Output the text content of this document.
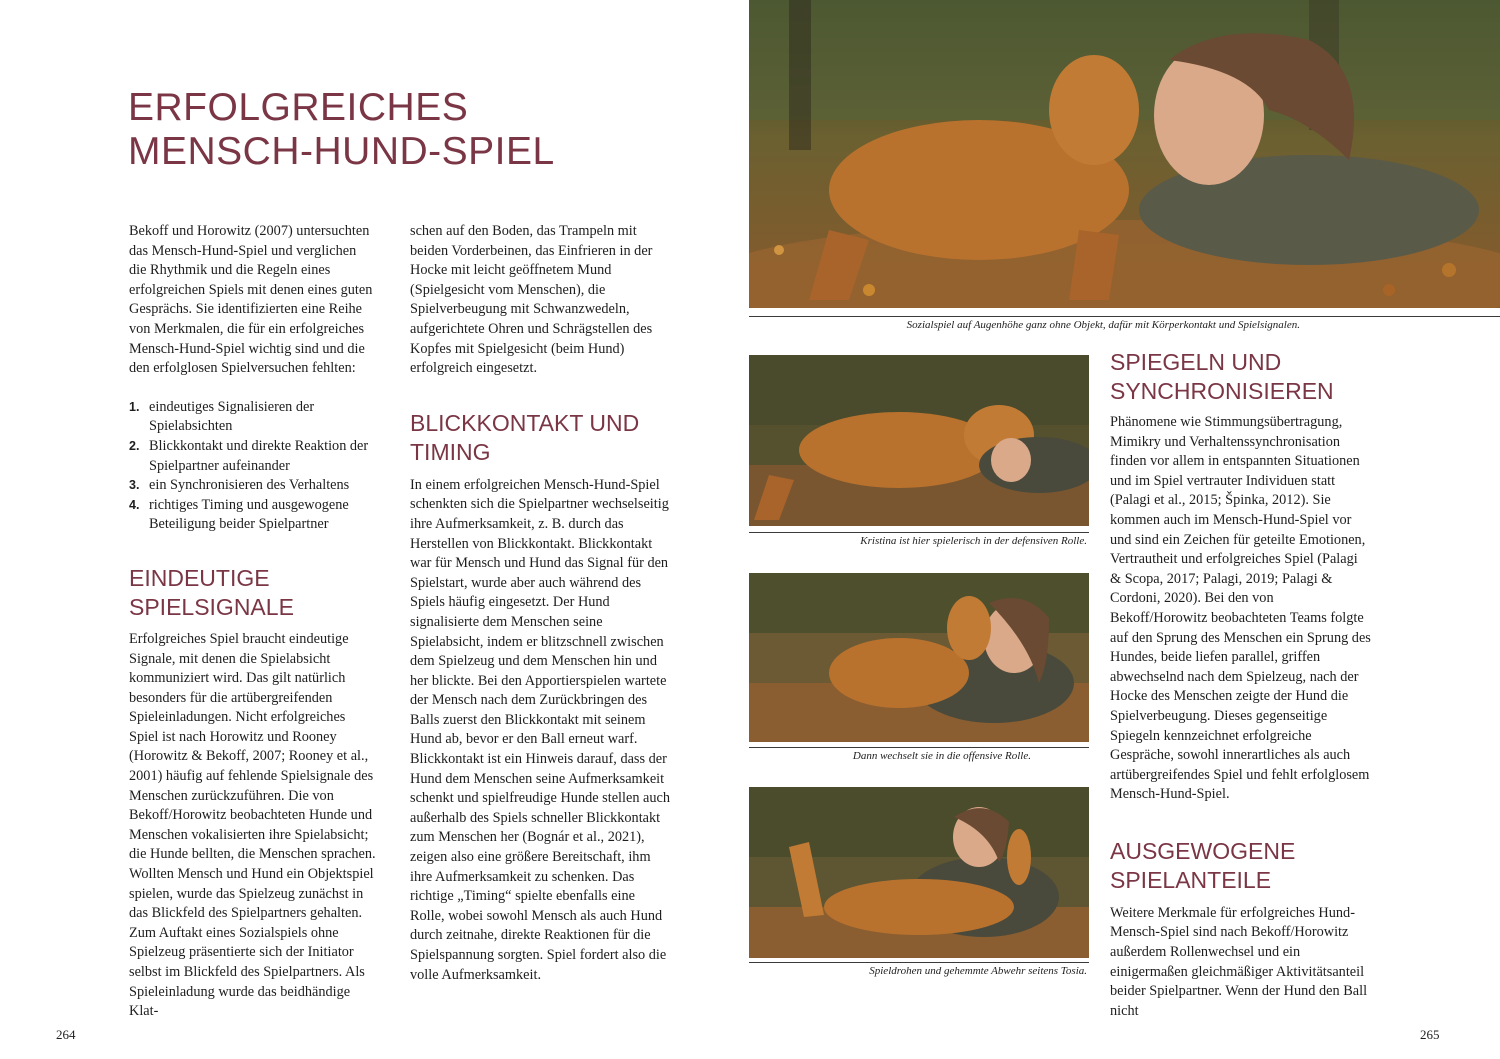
ERFOLGREICHES
MENSCH-HUND-SPIEL

Bekoff und Horowitz (2007) untersuchten das Mensch-Hund-Spiel und verglichen die Rhythmik und die Regeln eines erfolgreichen Spiels mit denen eines guten Gesprächs. Sie identifizierten eine Reihe von Merkmalen, die für ein erfolgreiches Mensch-Hund-Spiel wichtig sind und die den erfolglosen Spielversuchen fehlten:

1. eindeutiges Signalisieren der Spielabsichten
2. Blickkontakt und direkte Reaktion der Spielpartner aufeinander
3. ein Synchronisieren des Verhaltens
4. richtiges Timing und ausgewogene Beteiligung beider Spielpartner
EINDEUTIGE
SPIELSIGNALE

Erfolgreiches Spiel braucht eindeutige Signale, mit denen die Spielabsicht kommuniziert wird. Das gilt natürlich besonders für die artübergreifenden Spieleinladungen. Nicht erfolgreiches Spiel ist nach Horowitz und Rooney (Horowitz & Bekoff, 2007; Rooney et al., 2001) häufig auf fehlende Spielsignale des Menschen zurückzuführen. Die von Bekoff/Horowitz beobachteten Hunde und Menschen vokalisierten ihre Spielabsicht; die Hunde bellten, die Menschen sprachen. Wollten Mensch und Hund ein Objektspiel spielen, wurde das Spielzeug zunächst in das Blickfeld des Spielpartners gehalten. Zum Auftakt eines Sozialspiels ohne Spielzeug präsentierte sich der Initiator selbst im Blickfeld des Spielpartners. Als Spieleinladung wurde das beidhändige Klat-

schen auf den Boden, das Trampeln mit beiden Vorderbeinen, das Einfrieren in der Hocke mit leicht geöffnetem Mund (Spielgesicht vom Menschen), die Spielverbeugung mit Schwanzwedeln, aufgerichtete Ohren und Schrägstellen des Kopfes mit Spielgesicht (beim Hund) erfolgreich eingesetzt.

BLICKKONTAKT UND
TIMING

In einem erfolgreichen Mensch-Hund-Spiel schenkten sich die Spielpartner wechselseitig ihre Aufmerksamkeit, z. B. durch das Herstellen von Blickkontakt. Blickkontakt war für Mensch und Hund das Signal für den Spielstart, wurde aber auch während des Spiels häufig eingesetzt. Der Hund signalisierte dem Menschen seine Spielabsicht, indem er blitzschnell zwischen dem Spielzeug und dem Menschen hin und her blickte. Bei den Apportierspielen wartete der Mensch nach dem Zurückbringen des Balls zuerst den Blickkontakt mit seinem Hund ab, bevor er den Ball erneut warf. Blickkontakt ist ein Hinweis darauf, dass der Hund dem Menschen seine Aufmerksamkeit schenkt und spielfreudige Hunde stellen auch außerhalb des Spiels schneller Blickkontakt zum Menschen her (Bognár et al., 2021), zeigen also eine größere Bereitschaft, ihm ihre Aufmerksamkeit zu schenken. Das richtige „Timing“ spielte ebenfalls eine Rolle, wobei sowohl Mensch als auch Hund durch zeitnahe, direkte Reaktionen für die Spielspannung sorgten. Spiel fordert also die volle Aufmerksamkeit.

264

Sozialspiel auf Augenhöhe ganz ohne Objekt, dafür mit Körperkontakt und Spielsignalen.

Kristina ist hier spielerisch in der defensiven Rolle.

Dann wechselt sie in die offensive Rolle.

Spieldrohen und gehemmte Abwehr seitens Tosia.

SPIEGELN UND
SYNCHRONISIEREN

Phänomene wie Stimmungsübertragung, Mimikry und Verhaltenssynchronisation finden vor allem in entspannten Situationen und im Spiel vertrauter Individuen statt (Palagi et al., 2015; Špinka, 2012). Sie kommen auch im Mensch-Hund-Spiel vor und sind ein Zeichen für geteilte Emotionen, Vertrautheit und erfolgreiches Spiel (Palagi & Scopa, 2017; Palagi, 2019; Palagi & Cordoni, 2020). Bei den von Bekoff/Horowitz beobachteten Teams folgte auf den Sprung des Menschen ein Sprung des Hundes, beide liefen parallel, griffen abwechselnd nach dem Spielzeug, nach der Hocke des Menschen zeigte der Hund die Spielverbeugung. Dieses gegenseitige Spiegeln kennzeichnet erfolgreiche Gespräche, sowohl innerartliches als auch artübergreifendes Spiel und fehlt erfolglosem Mensch-Hund-Spiel.

AUSGEWOGENE
SPIELANTEILE

Weitere Merkmale für erfolgreiches Hund-Mensch-Spiel sind nach Bekoff/Horowitz außerdem Rollenwechsel und ein einigermaßen gleichmäßiger Aktivitätsanteil beider Spielpartner. Wenn der Hund den Ball nicht

265
